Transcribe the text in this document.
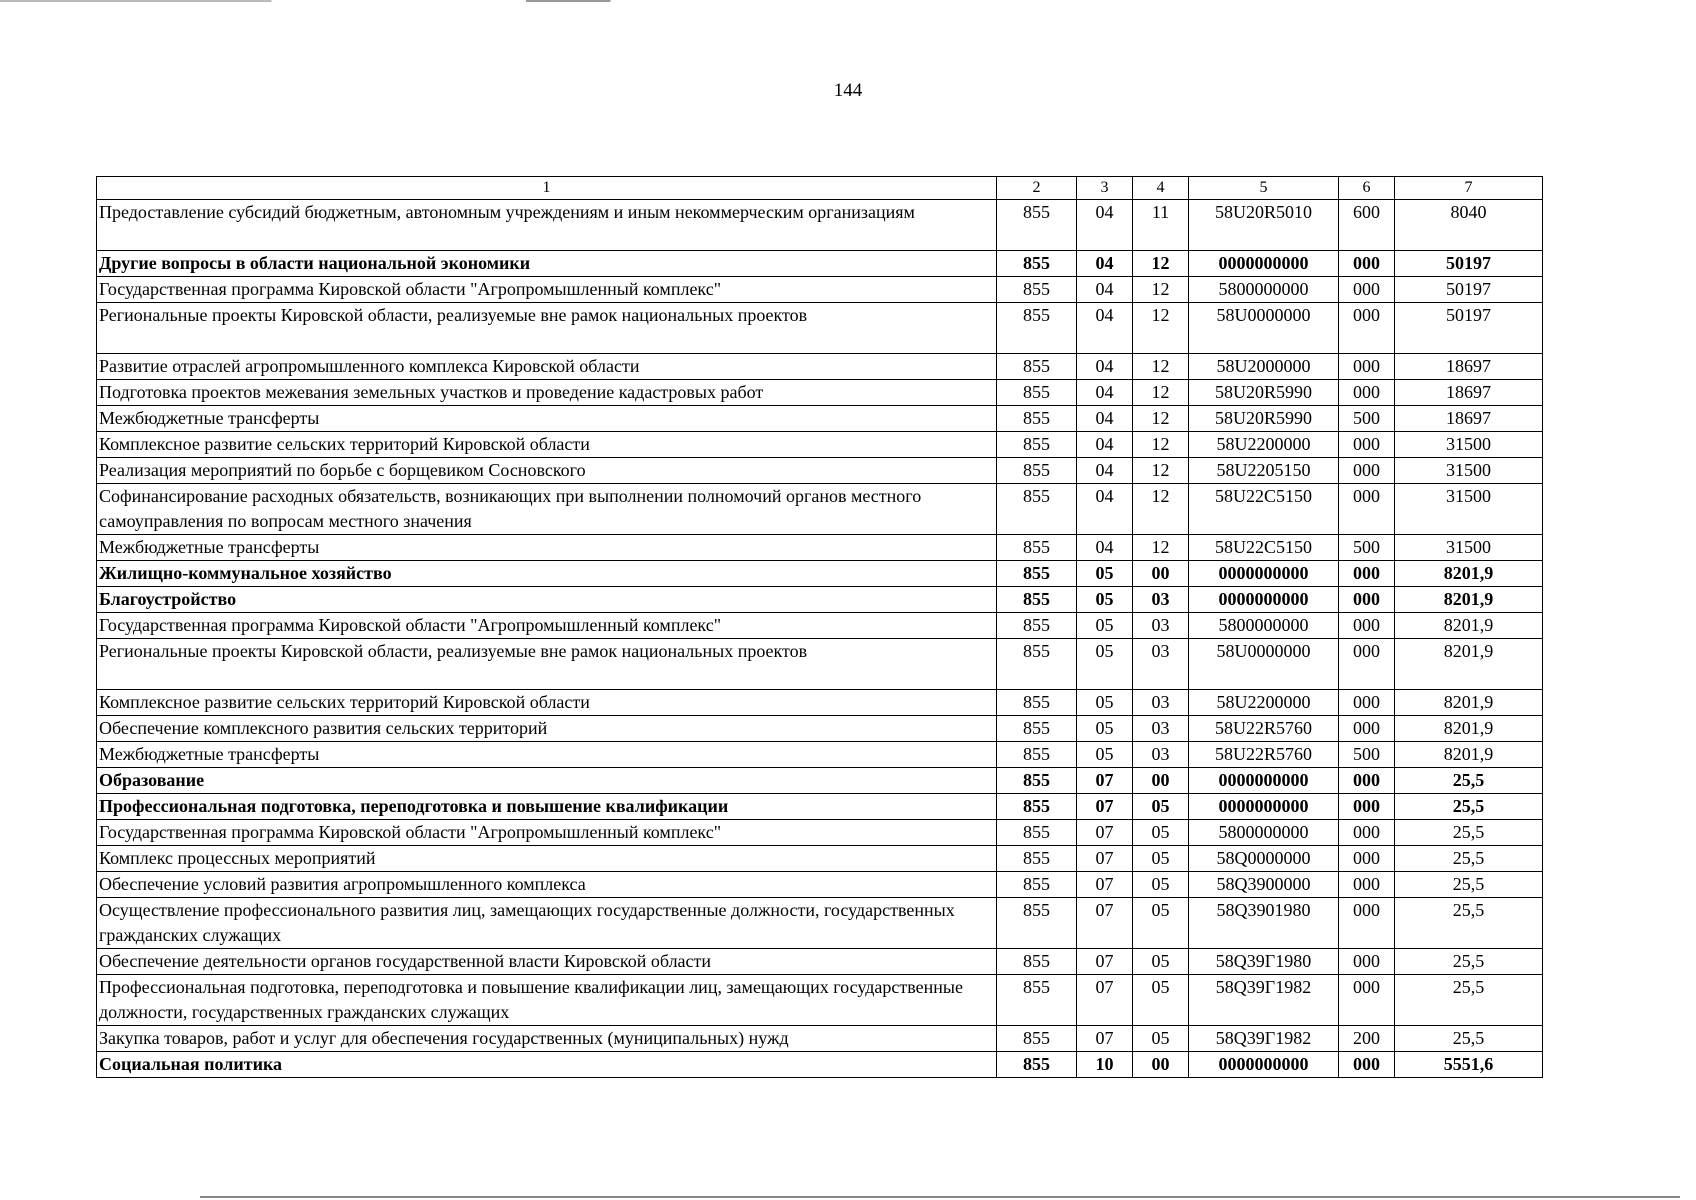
144
1	2	3	4	5	6	7
Предоставление субсидий бюджетным, автономным учреждениям и иным некоммерческим организациям	855	04	11	58U20R5010	600	8040
Другие вопросы в области национальной экономики	855	04	12	0000000000	000	50197
Государственная программа Кировской области "Агропромышленный комплекс"	855	04	12	5800000000	000	50197
Региональные проекты Кировской области, реализуемые вне рамок национальных проектов	855	04	12	58U0000000	000	50197
Развитие отраслей агропромышленного комплекса Кировской области	855	04	12	58U2000000	000	18697
Подготовка проектов межевания земельных участков и проведение кадастровых работ	855	04	12	58U20R5990	000	18697
Межбюджетные трансферты	855	04	12	58U20R5990	500	18697
Комплексное развитие сельских территорий Кировской области	855	04	12	58U2200000	000	31500
Реализация мероприятий по борьбе с борщевиком Сосновского	855	04	12	58U2205150	000	31500
Софинансирование расходных обязательств, возникающих при выполнении полномочий органов местного самоуправления по вопросам местного значения	855	04	12	58U22C5150	000	31500
Межбюджетные трансферты	855	04	12	58U22C5150	500	31500
Жилищно-коммунальное хозяйство	855	05	00	0000000000	000	8201,9
Благоустройство	855	05	03	0000000000	000	8201,9
Государственная программа Кировской области "Агропромышленный комплекс"	855	05	03	5800000000	000	8201,9
Региональные проекты Кировской области, реализуемые вне рамок национальных проектов	855	05	03	58U0000000	000	8201,9
Комплексное развитие сельских территорий Кировской области	855	05	03	58U2200000	000	8201,9
Обеспечение комплексного развития сельских территорий	855	05	03	58U22R5760	000	8201,9
Межбюджетные трансферты	855	05	03	58U22R5760	500	8201,9
Образование	855	07	00	0000000000	000	25,5
Профессиональная подготовка, переподготовка и повышение квалификации	855	07	05	0000000000	000	25,5
Государственная программа Кировской области "Агропромышленный комплекс"	855	07	05	5800000000	000	25,5
Комплекс процессных мероприятий	855	07	05	58Q0000000	000	25,5
Обеспечение условий развития агропромышленного комплекса	855	07	05	58Q3900000	000	25,5
Осуществление профессионального развития лиц, замещающих государственные должности, государственных гражданских служащих	855	07	05	58Q3901980	000	25,5
Обеспечение деятельности органов государственной власти Кировской области	855	07	05	58Q39Г1980	000	25,5
Профессиональная подготовка, переподготовка и повышение квалификации лиц, замещающих государственные должности, государственных гражданских служащих	855	07	05	58Q39Г1982	000	25,5
Закупка товаров, работ и услуг для обеспечения государственных (муниципальных) нужд	855	07	05	58Q39Г1982	200	25,5
Социальная политика	855	10	00	0000000000	000	5551,6
